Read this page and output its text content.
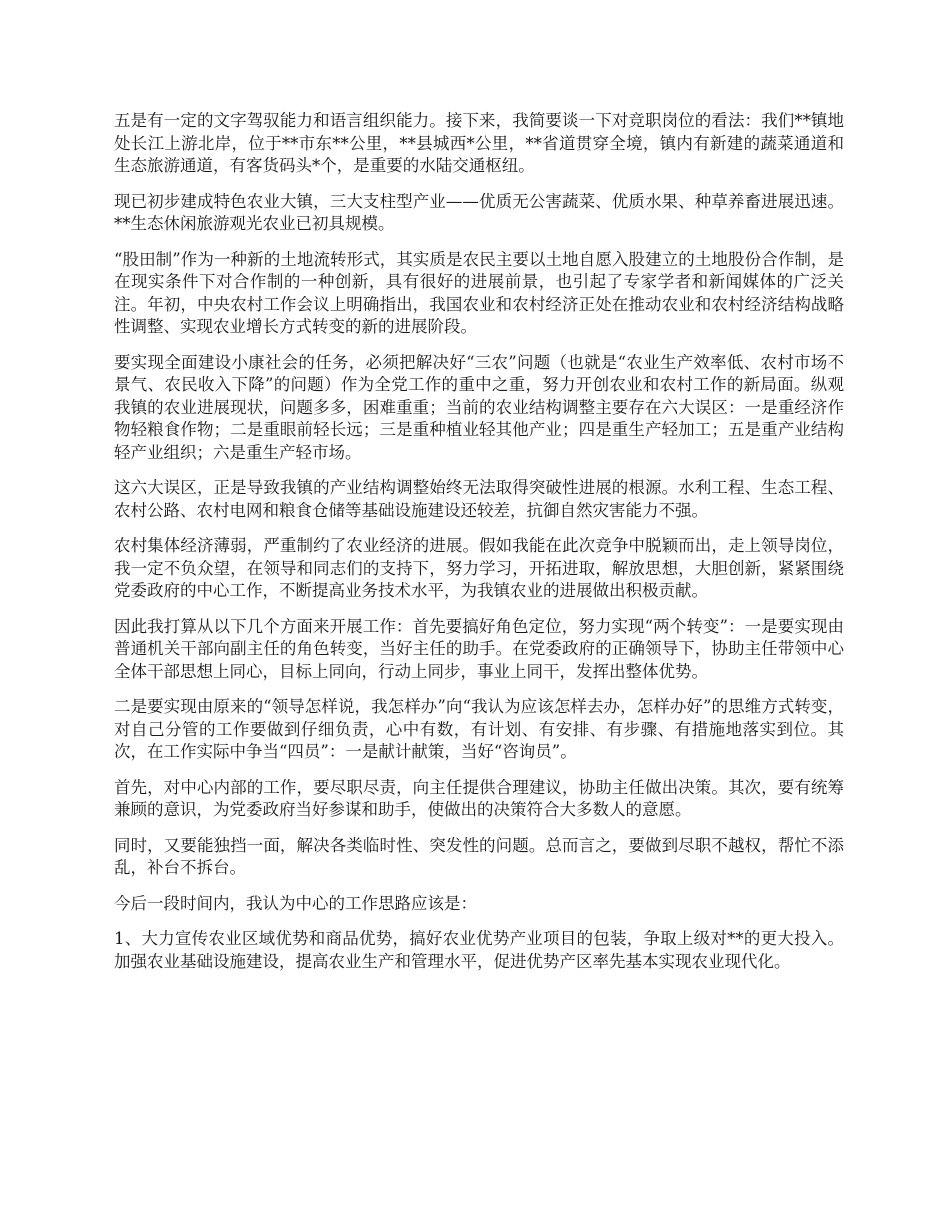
五是有一定的文字驾驭能力和语言组织能力。接下来，我简要谈一下对竞职岗位的看法：我们**镇地处长江上游北岸，位于**市东**公里，**县城西*公里，**省道贯穿全境，镇内有新建的蔬菜通道和生态旅游通道，有客货码头*个，是重要的水陆交通枢纽。

现已初步建成特色农业大镇，三大支柱型产业——优质无公害蔬菜、优质水果、种草养畜进展迅速。**生态休闲旅游观光农业已初具规模。

“股田制”作为一种新的土地流转形式，其实质是农民主要以土地自愿入股建立的土地股份合作制，是在现实条件下对合作制的一种创新，具有很好的进展前景，也引起了专家学者和新闻媒体的广泛关注。年初，中央农村工作会议上明确指出，我国农业和农村经济正处在推动农业和农村经济结构战略性调整、实现农业增长方式转变的新的进展阶段。

要实现全面建设小康社会的任务，必须把解决好“三农”问题（也就是“农业生产效率低、农村市场不景气、农民收入下降”的问题）作为全党工作的重中之重，努力开创农业和农村工作的新局面。纵观我镇的农业进展现状，问题多多，困难重重；当前的农业结构调整主要存在六大误区：一是重经济作物轻粮食作物；二是重眼前轻长远；三是重种植业轻其他产业；四是重生产轻加工；五是重产业结构轻产业组织；六是重生产轻市场。

这六大误区，正是导致我镇的产业结构调整始终无法取得突破性进展的根源。水利工程、生态工程、农村公路、农村电网和粮食仓储等基础设施建设还较差，抗御自然灾害能力不强。

农村集体经济薄弱，严重制约了农业经济的进展。假如我能在此次竞争中脱颖而出，走上领导岗位，我一定不负众望，在领导和同志们的支持下，努力学习，开拓进取，解放思想，大胆创新，紧紧围绕党委政府的中心工作，不断提高业务技术水平，为我镇农业的进展做出积极贡献。

因此我打算从以下几个方面来开展工作：首先要搞好角色定位，努力实现“两个转变”：一是要实现由普通机关干部向副主任的角色转变，当好主任的助手。在党委政府的正确领导下，协助主任带领中心全体干部思想上同心，目标上同向，行动上同步，事业上同干，发挥出整体优势。

二是要实现由原来的“领导怎样说，我怎样办”向“我认为应该怎样去办，怎样办好”的思维方式转变，对自己分管的工作要做到仔细负责，心中有数，有计划、有安排、有步骤、有措施地落实到位。其次，在工作实际中争当“四员”：一是献计献策，当好“咨询员”。

首先，对中心内部的工作，要尽职尽责，向主任提供合理建议，协助主任做出决策。其次，要有统筹兼顾的意识，为党委政府当好参谋和助手，使做出的决策符合大多数人的意愿。

同时，又要能独挡一面，解决各类临时性、突发性的问题。总而言之，要做到尽职不越权，帮忙不添乱，补台不拆台。

今后一段时间内，我认为中心的工作思路应该是：

1、大力宣传农业区域优势和商品优势，搞好农业优势产业项目的包装，争取上级对**的更大投入。加强农业基础设施建设，提高农业生产和管理水平，促进优势产区率先基本实现农业现代化。
